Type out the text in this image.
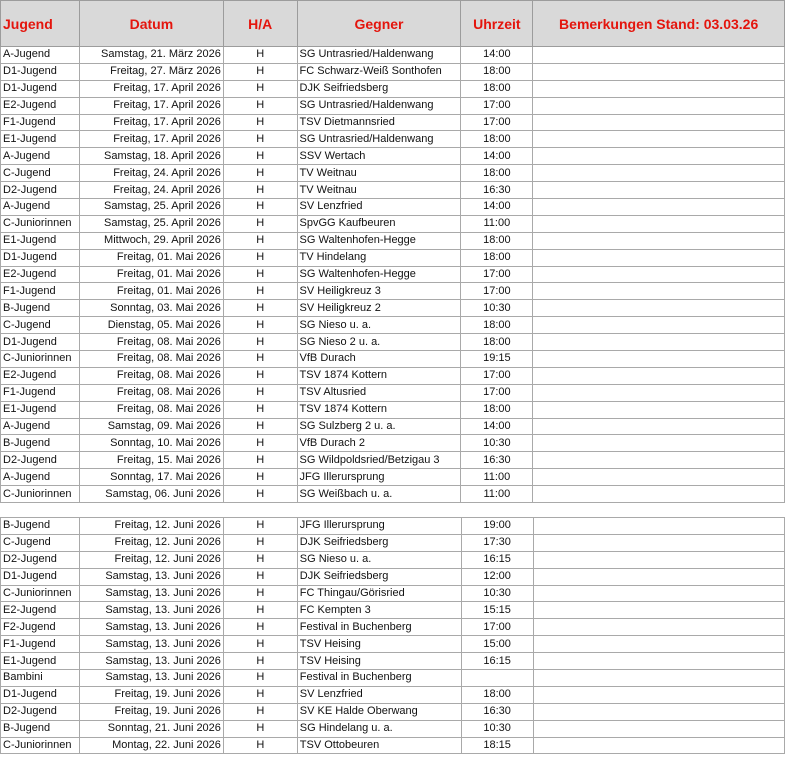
Jugend	Datum	H/A	Gegner	Uhrzeit	Bemerkungen Stand: 03.03.26
A-Jugend	Samstag, 21. März 2026	H	SG Untrasried/Haldenwang	14:00	
D1-Jugend	Freitag, 27. März 2026	H	FC Schwarz-Weiß Sonthofen	18:00	
D1-Jugend	Freitag, 17. April 2026	H	DJK Seifriedsberg	18:00	
E2-Jugend	Freitag, 17. April 2026	H	SG Untrasried/Haldenwang	17:00	
F1-Jugend	Freitag, 17. April 2026	H	TSV Dietmannsried	17:00	
E1-Jugend	Freitag, 17. April 2026	H	SG Untrasried/Haldenwang	18:00	
A-Jugend	Samstag, 18. April 2026	H	SSV Wertach	14:00	
C-Jugend	Freitag, 24. April 2026	H	TV Weitnau	18:00	
D2-Jugend	Freitag, 24. April 2026	H	TV Weitnau	16:30	
A-Jugend	Samstag, 25. April 2026	H	SV Lenzfried	14:00	
C-Juniorinnen	Samstag, 25. April 2026	H	SpvGG Kaufbeuren	11:00	
E1-Jugend	Mittwoch, 29. April 2026	H	SG Waltenhofen-Hegge	18:00	
D1-Jugend	Freitag, 01. Mai 2026	H	TV Hindelang	18:00	
E2-Jugend	Freitag, 01. Mai 2026	H	SG Waltenhofen-Hegge	17:00	
F1-Jugend	Freitag, 01. Mai 2026	H	SV Heiligkreuz 3	17:00	
B-Jugend	Sonntag, 03. Mai 2026	H	SV Heiligkreuz 2	10:30	
C-Jugend	Dienstag, 05. Mai 2026	H	SG Nieso u. a.	18:00	
D1-Jugend	Freitag, 08. Mai 2026	H	SG Nieso 2 u. a.	18:00	
C-Juniorinnen	Freitag, 08. Mai 2026	H	VfB Durach	19:15	
E2-Jugend	Freitag, 08. Mai 2026	H	TSV 1874 Kottern	17:00	
F1-Jugend	Freitag, 08. Mai 2026	H	TSV Altusried	17:00	
E1-Jugend	Freitag, 08. Mai 2026	H	TSV 1874 Kottern	18:00	
A-Jugend	Samstag, 09. Mai 2026	H	SG Sulzberg 2 u. a.	14:00	
B-Jugend	Sonntag, 10. Mai 2026	H	VfB Durach 2	10:30	
D2-Jugend	Freitag, 15. Mai 2026	H	SG Wildpoldsried/Betzigau 3	16:30	
A-Jugend	Sonntag, 17. Mai 2026	H	JFG Illerursprung	11:00	
C-Juniorinnen	Samstag, 06. Juni 2026	H	SG Weißbach u. a.	11:00	
B-Jugend	Freitag, 12. Juni 2026	H	JFG Illerursprung	19:00	
C-Jugend	Freitag, 12. Juni 2026	H	DJK Seifriedsberg	17:30	
D2-Jugend	Freitag, 12. Juni 2026	H	SG Nieso u. a.	16:15	
D1-Jugend	Samstag, 13. Juni 2026	H	DJK Seifriedsberg	12:00	
C-Juniorinnen	Samstag, 13. Juni 2026	H	FC Thingau/Görisried	10:30	
E2-Jugend	Samstag, 13. Juni 2026	H	FC Kempten 3	15:15	
F2-Jugend	Samstag, 13. Juni 2026	H	Festival in Buchenberg	17:00	
F1-Jugend	Samstag, 13. Juni 2026	H	TSV Heising	15:00	
E1-Jugend	Samstag, 13. Juni 2026	H	TSV Heising	16:15	
Bambini	Samstag, 13. Juni 2026	H	Festival in Buchenberg		
D1-Jugend	Freitag, 19. Juni 2026	H	SV Lenzfried	18:00	
D2-Jugend	Freitag, 19. Juni 2026	H	SV KE Halde Oberwang	16:30	
B-Jugend	Sonntag, 21. Juni 2026	H	SG Hindelang u. a.	10:30	
C-Juniorinnen	Montag, 22. Juni 2026	H	TSV Ottobeuren	18:15	
